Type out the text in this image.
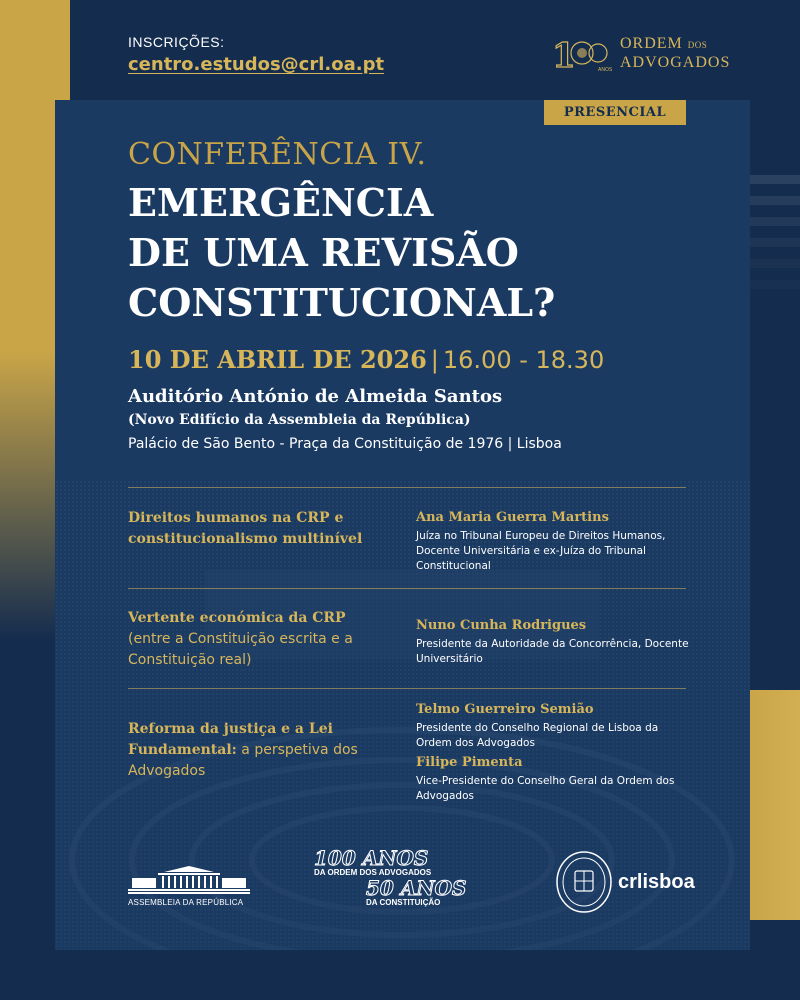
INSCRIÇÕES:
centro.estudos@crl.oa.pt	1	ANOS
ORDEM DOS
ADVOGADOS
PRESENCIAL
CONFERÊNCIA IV.
EMERGÊNCIA
DE UMA REVISÃO
CONSTITUCIONAL?
10 DE ABRIL DE 2026 | 16.00 - 18.30
Auditório António de Almeida Santos
(Novo Edifício da Assembleia da República)
Palácio de São Bento - Praça da Constituição de 1976 | Lisboa
Direitos humanos na CRP e constitucionalismo multinível
Ana Maria Guerra Martins
Juíza no Tribunal Europeu de Direitos Humanos, Docente Universitária e ex-Juíza do Tribunal Constitucional
Vertente económica da CRP
(entre a Constituição escrita e a Constituição real)
Nuno Cunha Rodrigues
Presidente da Autoridade da Concorrência, Docente Universitário
Reforma da justiça e a Lei Fundamental: a perspetiva dos Advogados
Telmo Guerreiro Semião
Presidente do Conselho Regional de Lisboa da Ordem dos Advogados
Filipe Pimenta
Vice-Presidente do Conselho Geral da Ordem dos Advogados
ASSEMBLEIA DA REPÚBLICA
100 ANOS
DA ORDEM DOS ADVOGADOS
50 ANOS
DA CONSTITUIÇÃO
crlisboa
